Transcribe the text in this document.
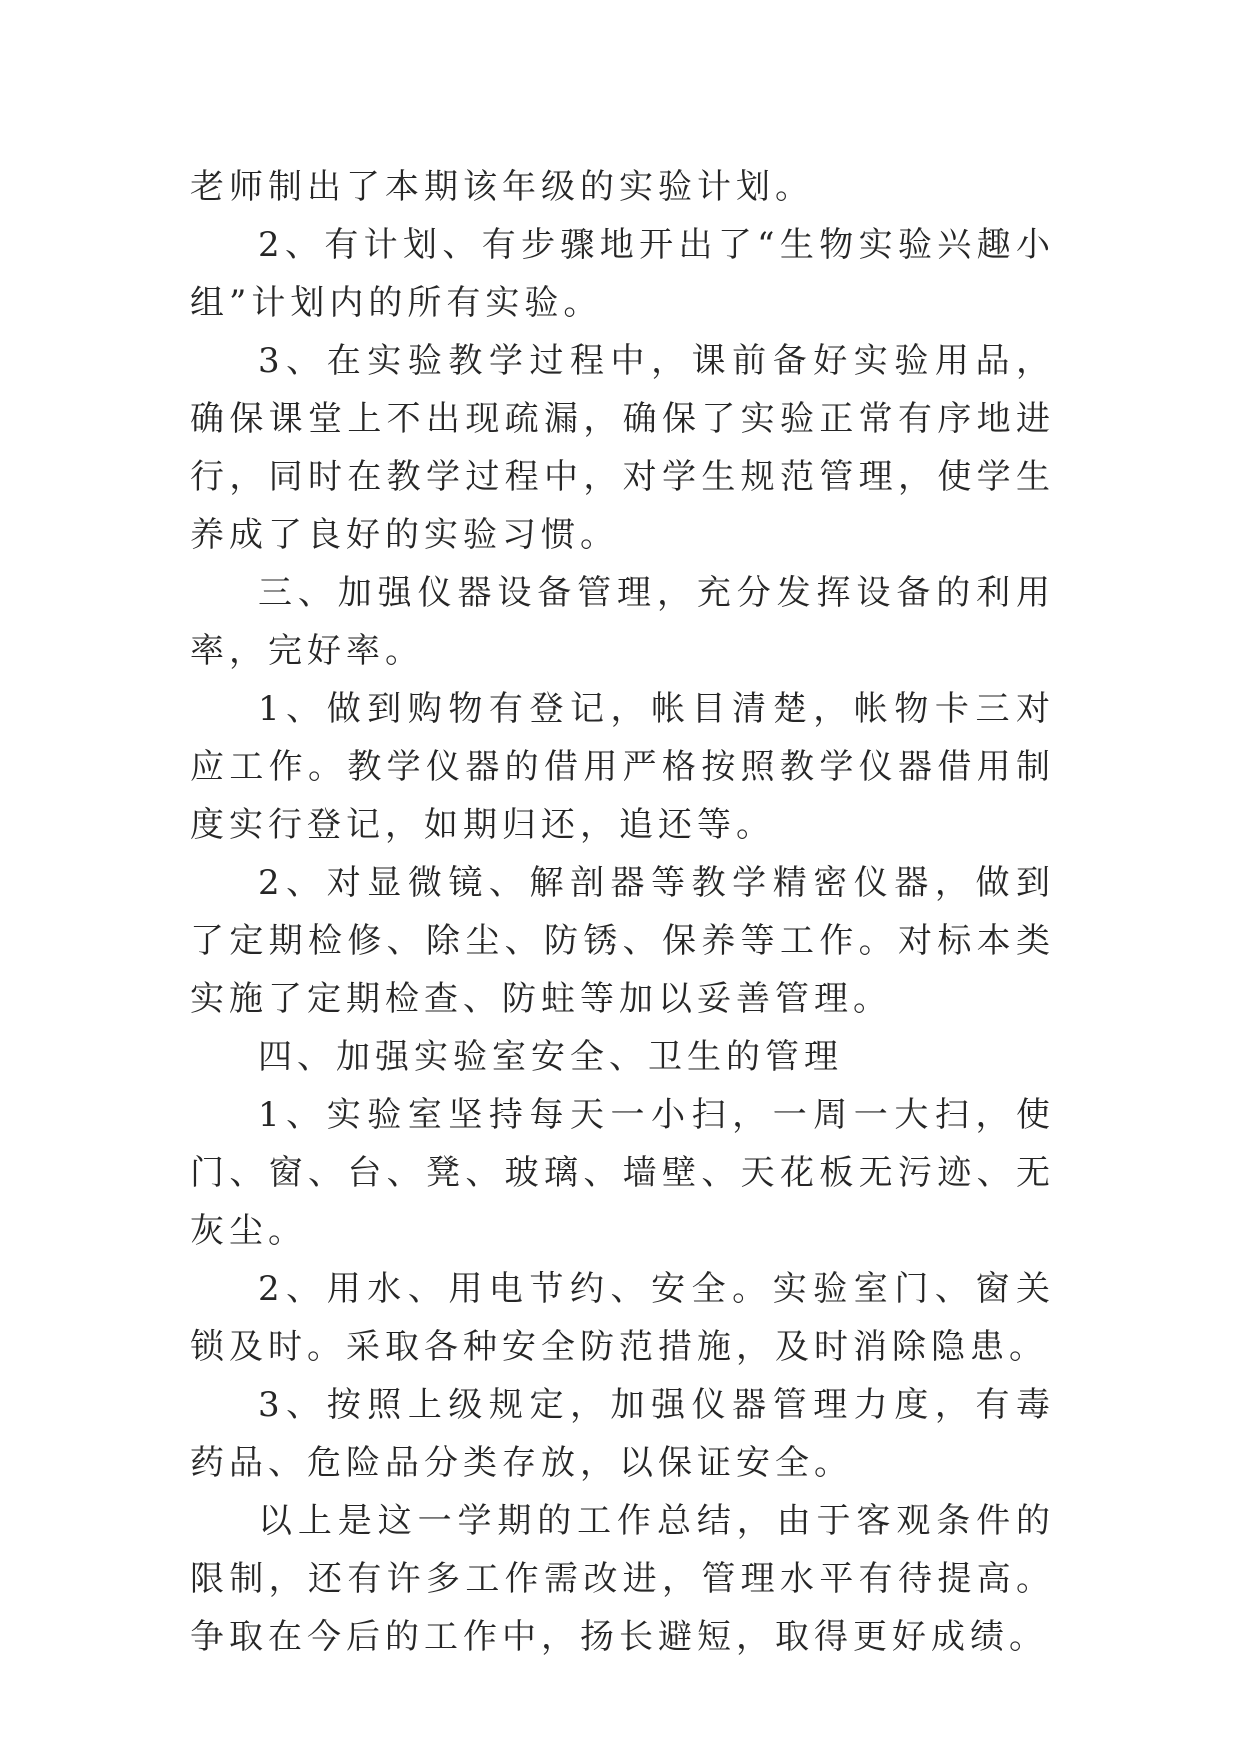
老师制出了本期该年级的实验计划。

2、有计划、有步骤地开出了“生物实验兴趣小组”计划内的所有实验。

3、在实验教学过程中，课前备好实验用品，确保课堂上不出现疏漏，确保了实验正常有序地进行，同时在教学过程中，对学生规范管理，使学生养成了良好的实验习惯。

三、加强仪器设备管理，充分发挥设备的利用率，完好率。

1、做到购物有登记，帐目清楚，帐物卡三对应工作。教学仪器的借用严格按照教学仪器借用制度实行登记，如期归还，追还等。

2、对显微镜、解剖器等教学精密仪器，做到了定期检修、除尘、防锈、保养等工作。对标本类实施了定期检查、防蛀等加以妥善管理。

四、加强实验室安全、卫生的管理

1、实验室坚持每天一小扫，一周一大扫，使门、窗、台、凳、玻璃、墙壁、天花板无污迹、无灰尘。

2、用水、用电节约、安全。实验室门、窗关锁及时。采取各种安全防范措施，及时消除隐患。

3、按照上级规定，加强仪器管理力度，有毒药品、危险品分类存放，以保证安全。

以上是这一学期的工作总结，由于客观条件的限制，还有许多工作需改进，管理水平有待提高。争取在今后的工作中，扬长避短，取得更好成绩。
